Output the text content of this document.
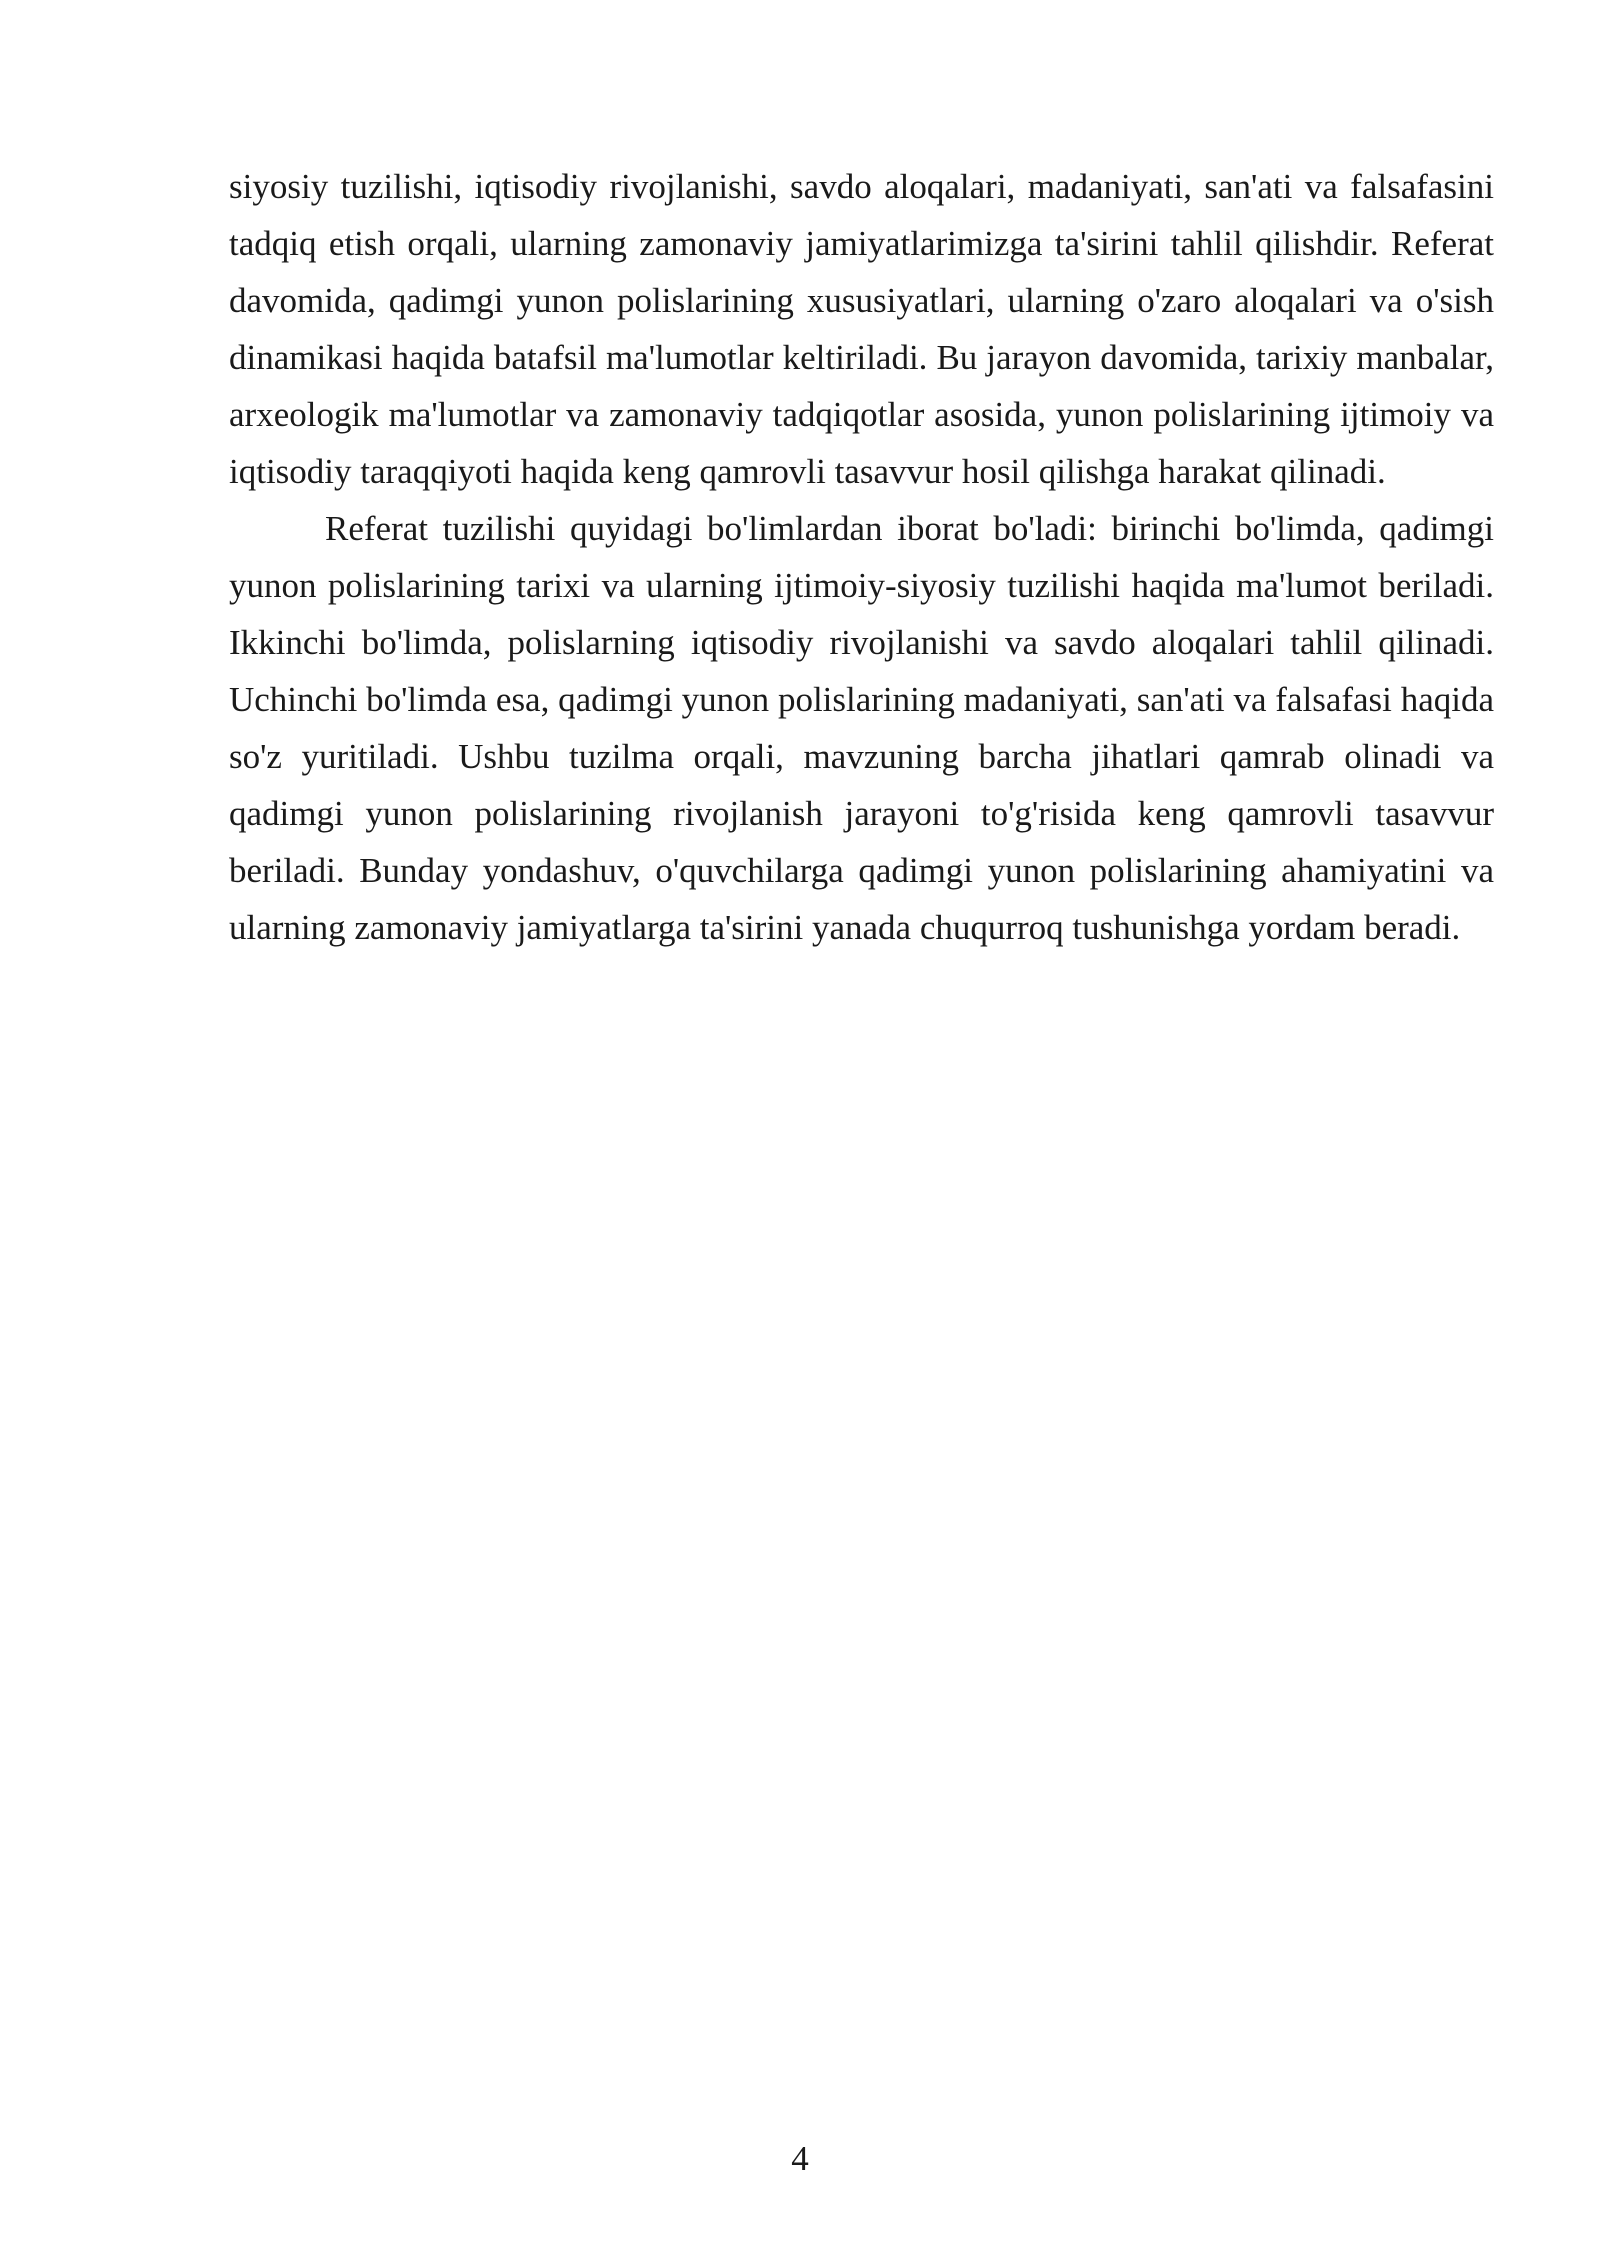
siyosiy tuzilishi, iqtisodiy rivojlanishi, savdo aloqalari, madaniyati, san'ati va falsafasini tadqiq etish orqali, ularning zamonaviy jamiyatlarimizga ta'sirini tahlil qilishdir. Referat davomida, qadimgi yunon polislarining xususiyatlari, ularning o'zaro aloqalari va o'sish dinamikasi haqida batafsil ma'lumotlar keltiriladi. Bu jarayon davomida, tarixiy manbalar, arxeologik ma'lumotlar va zamonaviy tadqiqotlar asosida, yunon polislarining ijtimoiy va iqtisodiy taraqqiyoti haqida keng qamrovli tasavvur hosil qilishga harakat qilinadi.

Referat tuzilishi quyidagi bo'limlardan iborat bo'ladi: birinchi bo'limda, qadimgi yunon polislarining tarixi va ularning ijtimoiy-siyosiy tuzilishi haqida ma'lumot beriladi. Ikkinchi bo'limda, polislarning iqtisodiy rivojlanishi va savdo aloqalari tahlil qilinadi. Uchinchi bo'limda esa, qadimgi yunon polislarining madaniyati, san'ati va falsafasi haqida so'z yuritiladi. Ushbu tuzilma orqali, mavzuning barcha jihatlari qamrab olinadi va qadimgi yunon polislarining rivojlanish jarayoni to'g'risida keng qamrovli tasavvur beriladi. Bunday yondashuv, o'quvchilarga qadimgi yunon polislarining ahamiyatini va ularning zamonaviy jamiyatlarga ta'sirini yanada chuqurroq tushunishga yordam beradi.

4
